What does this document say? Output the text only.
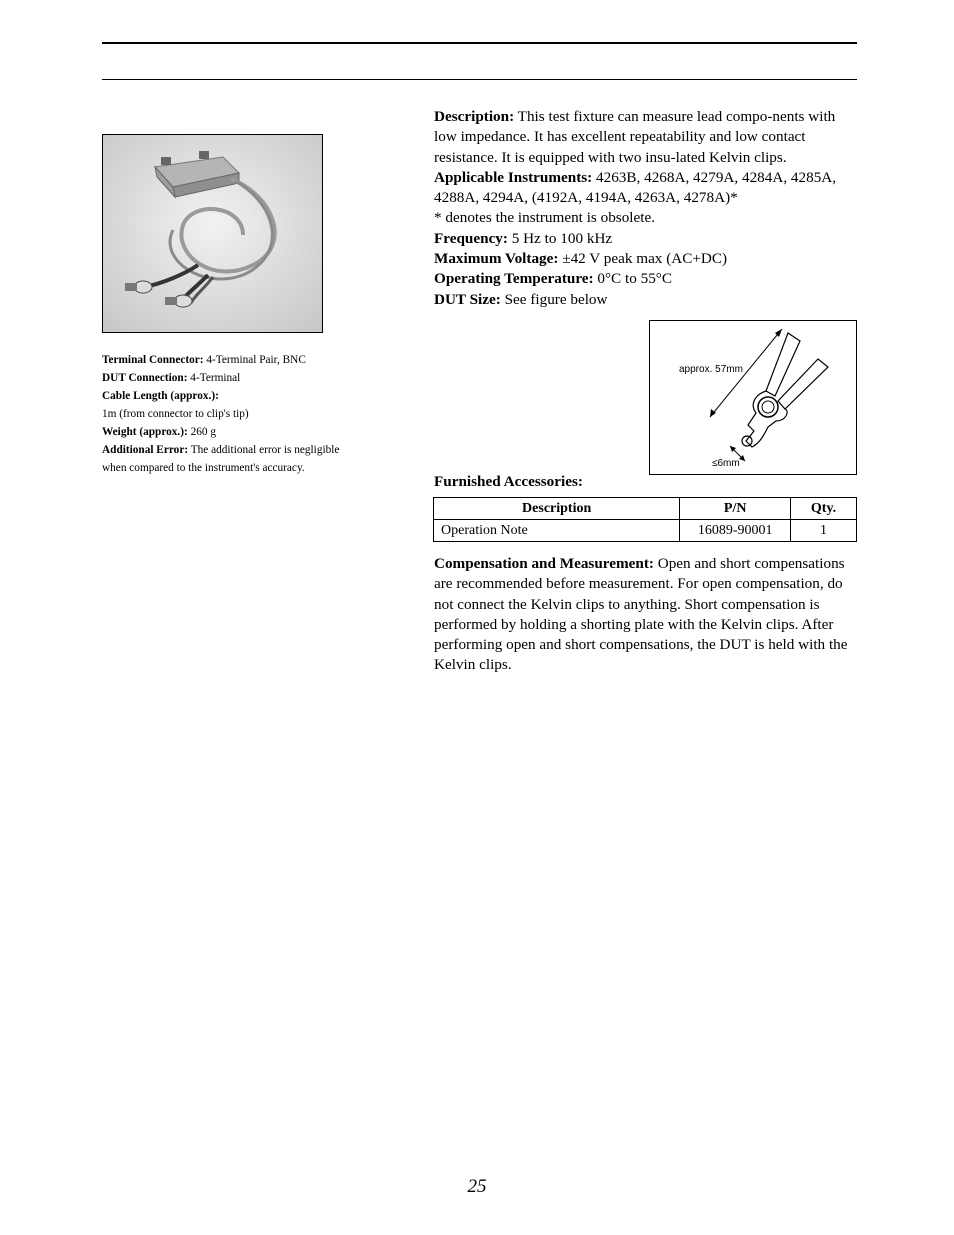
Terminal Connector: 4-Terminal Pair, BNC

DUT Connection: 4-Terminal

Cable Length (approx.):

1m (from connector to clip's tip)

Weight (approx.): 260 g

Additional Error: The additional error is negligible when compared to the instrument's accuracy.

Description: This test fixture can measure lead compo-nents with low impedance. It has excellent repeatability and low contact resistance. It is equipped with two insu-lated Kelvin clips.

Applicable Instruments: 4263B, 4268A, 4279A, 4284A, 4285A, 4288A, 4294A, (4192A, 4194A, 4263A, 4278A)*

* denotes the instrument is obsolete.

Frequency: 5 Hz to 100 kHz

Maximum Voltage: ±42 V peak max (AC+DC)

Operating Temperature: 0°C to 55°C

DUT Size: See figure below

approx. 57mm
≤6mm
Furnished Accessories:
Description	P/N	Qty.
Operation Note	16089-90001	1

Compensation and Measurement: Open and short compensations are recommended before measurement. For open compensation, do not connect the Kelvin clips to anything. Short compensation is performed by holding a shorting plate with the Kelvin clips. After performing open and short compensations, the DUT is held with the Kelvin clips.

25
